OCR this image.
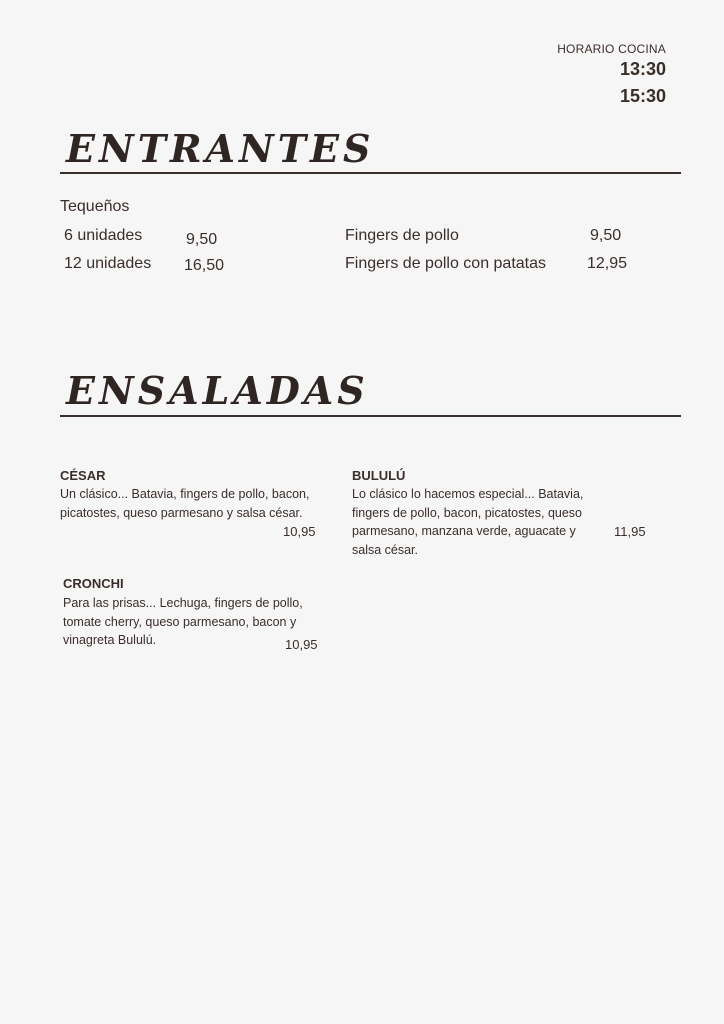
HORARIO COCINA
13:30
15:30
ENTRANTES
Tequeños
6 unidades	9,50
12 unidades 16,50
Fingers de pollo	9,50
Fingers de pollo con patatas	12,95
ENSALADAS
CÉSAR
Un clásico... Batavia, fingers de pollo, bacon, picatostes, queso parmesano y salsa césar.
10,95
BULULÚ
Lo clásico lo hacemos especial... Batavia, fingers de pollo, bacon, picatostes, queso parmesano, manzana verde, aguacate y salsa césar.
11,95
CRONCHI
Para las prisas... Lechuga, fingers de pollo, tomate cherry, queso parmesano, bacon y vinagreta Bululú.	10,95
